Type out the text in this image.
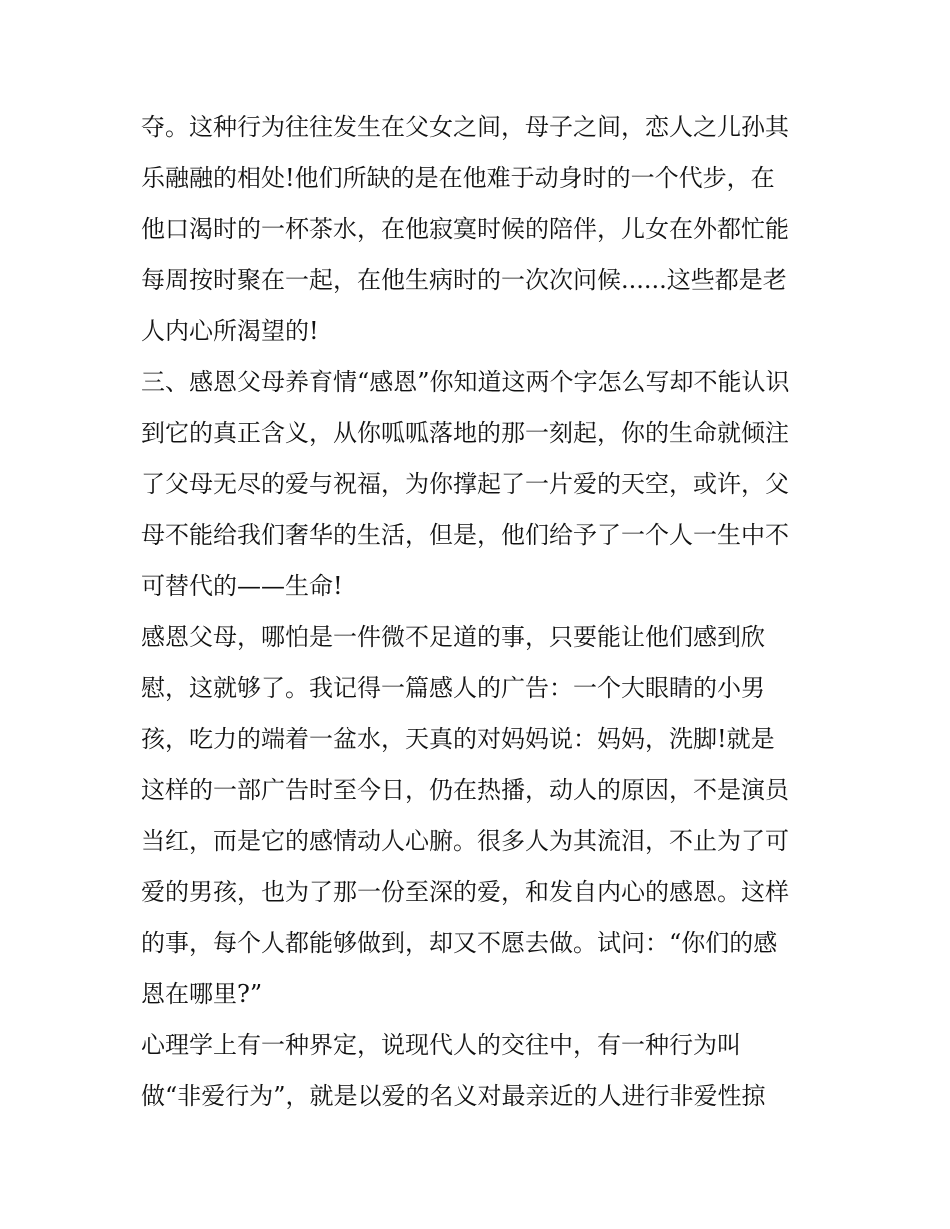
夺。这种行为往往发生在父女之间，母子之间，恋人之儿孙其
乐融融的相处!他们所缺的是在他难于动身时的一个代步，在
他口渴时的一杯茶水，在他寂寞时候的陪伴，儿女在外都忙能
每周按时聚在一起，在他生病时的一次次问候......这些都是老
人内心所渴望的!
三、感恩父母养育情“感恩”你知道这两个字怎么写却不能认识
到它的真正含义，从你呱呱落地的那一刻起，你的生命就倾注
了父母无尽的爱与祝福，为你撑起了一片爱的天空，或许，父
母不能给我们奢华的生活，但是，他们给予了一个人一生中不
可替代的——生命!
感恩父母，哪怕是一件微不足道的事，只要能让他们感到欣
慰，这就够了。我记得一篇感人的广告：一个大眼睛的小男
孩，吃力的端着一盆水，天真的对妈妈说：妈妈，洗脚!就是
这样的一部广告时至今日，仍在热播，动人的原因，不是演员
当红，而是它的感情动人心腑。很多人为其流泪，不止为了可
爱的男孩，也为了那一份至深的爱，和发自内心的感恩。这样
的事，每个人都能够做到，却又不愿去做。试问：“你们的感
恩在哪里?”
心理学上有一种界定，说现代人的交往中，有一种行为叫
做“非爱行为”，就是以爱的名义对最亲近的人进行非爱性掠
